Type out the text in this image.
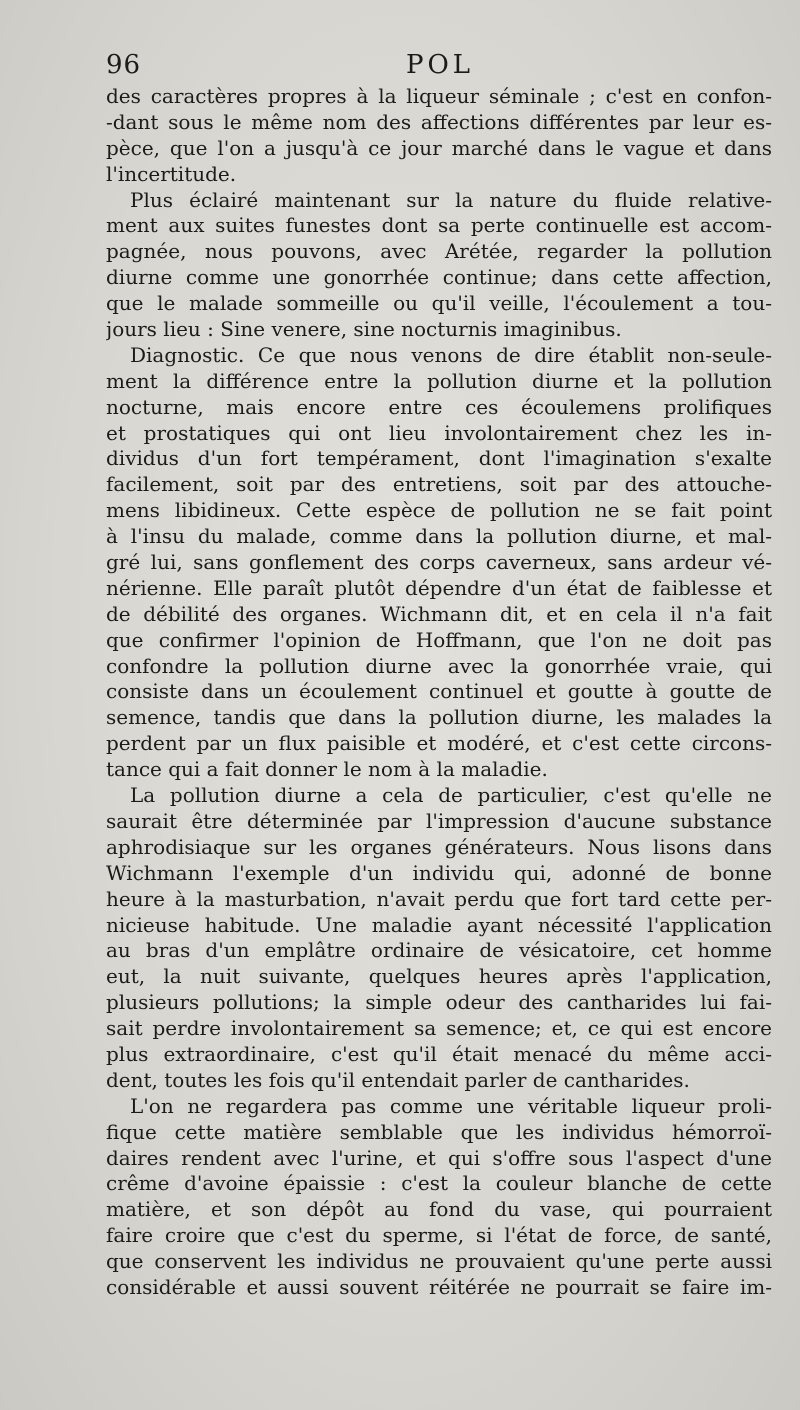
96	POL
des caractères propres à la liqueur séminale ; c'est en confon-
-dant sous le même nom des affections différentes par leur es-
pèce, que l'on a jusqu'à ce jour marché dans le vague et dans
l'incertitude.
Plus éclairé maintenant sur la nature du fluide relative-
ment aux suites funestes dont sa perte continuelle est accom-
pagnée, nous pouvons, avec Arétée, regarder la pollution
diurne comme une gonorrhée continue; dans cette affection,
que le malade sommeille ou qu'il veille, l'écoulement a tou-
jours lieu : Sine venere, sine nocturnis imaginibus.
Diagnostic. Ce que nous venons de dire établit non-seule-
ment la différence entre la pollution diurne et la pollution
nocturne, mais encore entre ces écoulemens prolifiques
et prostatiques qui ont lieu involontairement chez les in-
dividus d'un fort tempérament, dont l'imagination s'exalte
facilement, soit par des entretiens, soit par des attouche-
mens libidineux. Cette espèce de pollution ne se fait point
à l'insu du malade, comme dans la pollution diurne, et mal-
gré lui, sans gonflement des corps caverneux, sans ardeur vé-
nérienne. Elle paraît plutôt dépendre d'un état de faiblesse et
de débilité des organes. Wichmann dit, et en cela il n'a fait
que confirmer l'opinion de Hoffmann, que l'on ne doit pas
confondre la pollution diurne avec la gonorrhée vraie, qui
consiste dans un écoulement continuel et goutte à goutte de
semence, tandis que dans la pollution diurne, les malades la
perdent par un flux paisible et modéré, et c'est cette circons-
tance qui a fait donner le nom à la maladie.
La pollution diurne a cela de particulier, c'est qu'elle ne
saurait être déterminée par l'impression d'aucune substance
aphrodisiaque sur les organes générateurs. Nous lisons dans
Wichmann l'exemple d'un individu qui, adonné de bonne
heure à la masturbation, n'avait perdu que fort tard cette per-
nicieuse habitude. Une maladie ayant nécessité l'application
au bras d'un emplâtre ordinaire de vésicatoire, cet homme
eut, la nuit suivante, quelques heures après l'application,
plusieurs pollutions; la simple odeur des cantharides lui fai-
sait perdre involontairement sa semence; et, ce qui est encore
plus extraordinaire, c'est qu'il était menacé du même acci-
dent, toutes les fois qu'il entendait parler de cantharides.
L'on ne regardera pas comme une véritable liqueur proli-
fique cette matière semblable que les individus hémorroï-
daires rendent avec l'urine, et qui s'offre sous l'aspect d'une
crême d'avoine épaissie : c'est la couleur blanche de cette
matière, et son dépôt au fond du vase, qui pourraient
faire croire que c'est du sperme, si l'état de force, de santé,
que conservent les individus ne prouvaient qu'une perte aussi
considérable et aussi souvent réitérée ne pourrait se faire im-
